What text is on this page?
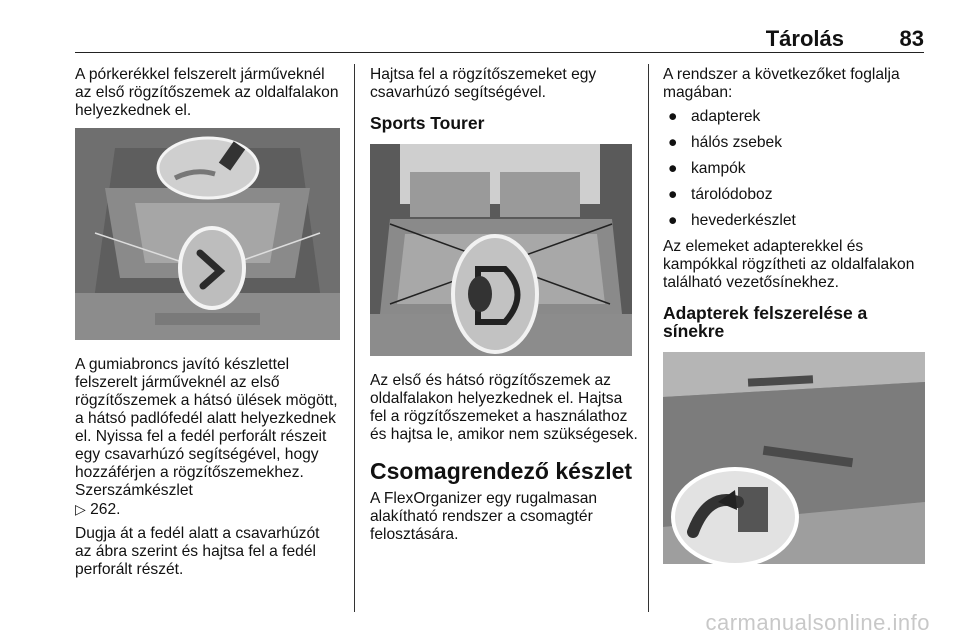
Tárolás	83

A pórkerékkel felszerelt járműveknél az első rögzítőszemek az oldalfalakon helyezkednek el.

A gumiabroncs javító készlettel felszerelt járműveknél az első rögzítőszemek a hátsó ülések mögött, a hátsó padlófedél alatt helyezkednek el. Nyissa fel a fedél perforált részeit egy csavarhúzó segítségével, hogy hozzáférjen a rögzítőszemekhez. Szerszámkészlet
▷ 262.

Dugja át a fedél alatt a csavarhúzót az ábra szerint és hajtsa fel a fedél perforált részét.

Hajtsa fel a rögzítőszemeket egy csavarhúzó segítségével.

Sports Tourer

Az első és hátsó rögzítőszemek az oldalfalakon helyezkednek el. Hajtsa fel a rögzítőszemeket a használathoz és hajtsa le, amikor nem szükségesek.

Csomagrendező készlet

A FlexOrganizer egy rugalmasan alakítható rendszer a csomagtér felosztására.

A rendszer a következőket foglalja magában:

● adapterek
● hálós zsebek
● kampók
● tárolódoboz
● hevederkészlet

Az elemeket adapterekkel és kampókkal rögzítheti az oldalfalakon található vezetősínekhez.

Adapterek felszerelése a sínekre
carmanualsonline.info
